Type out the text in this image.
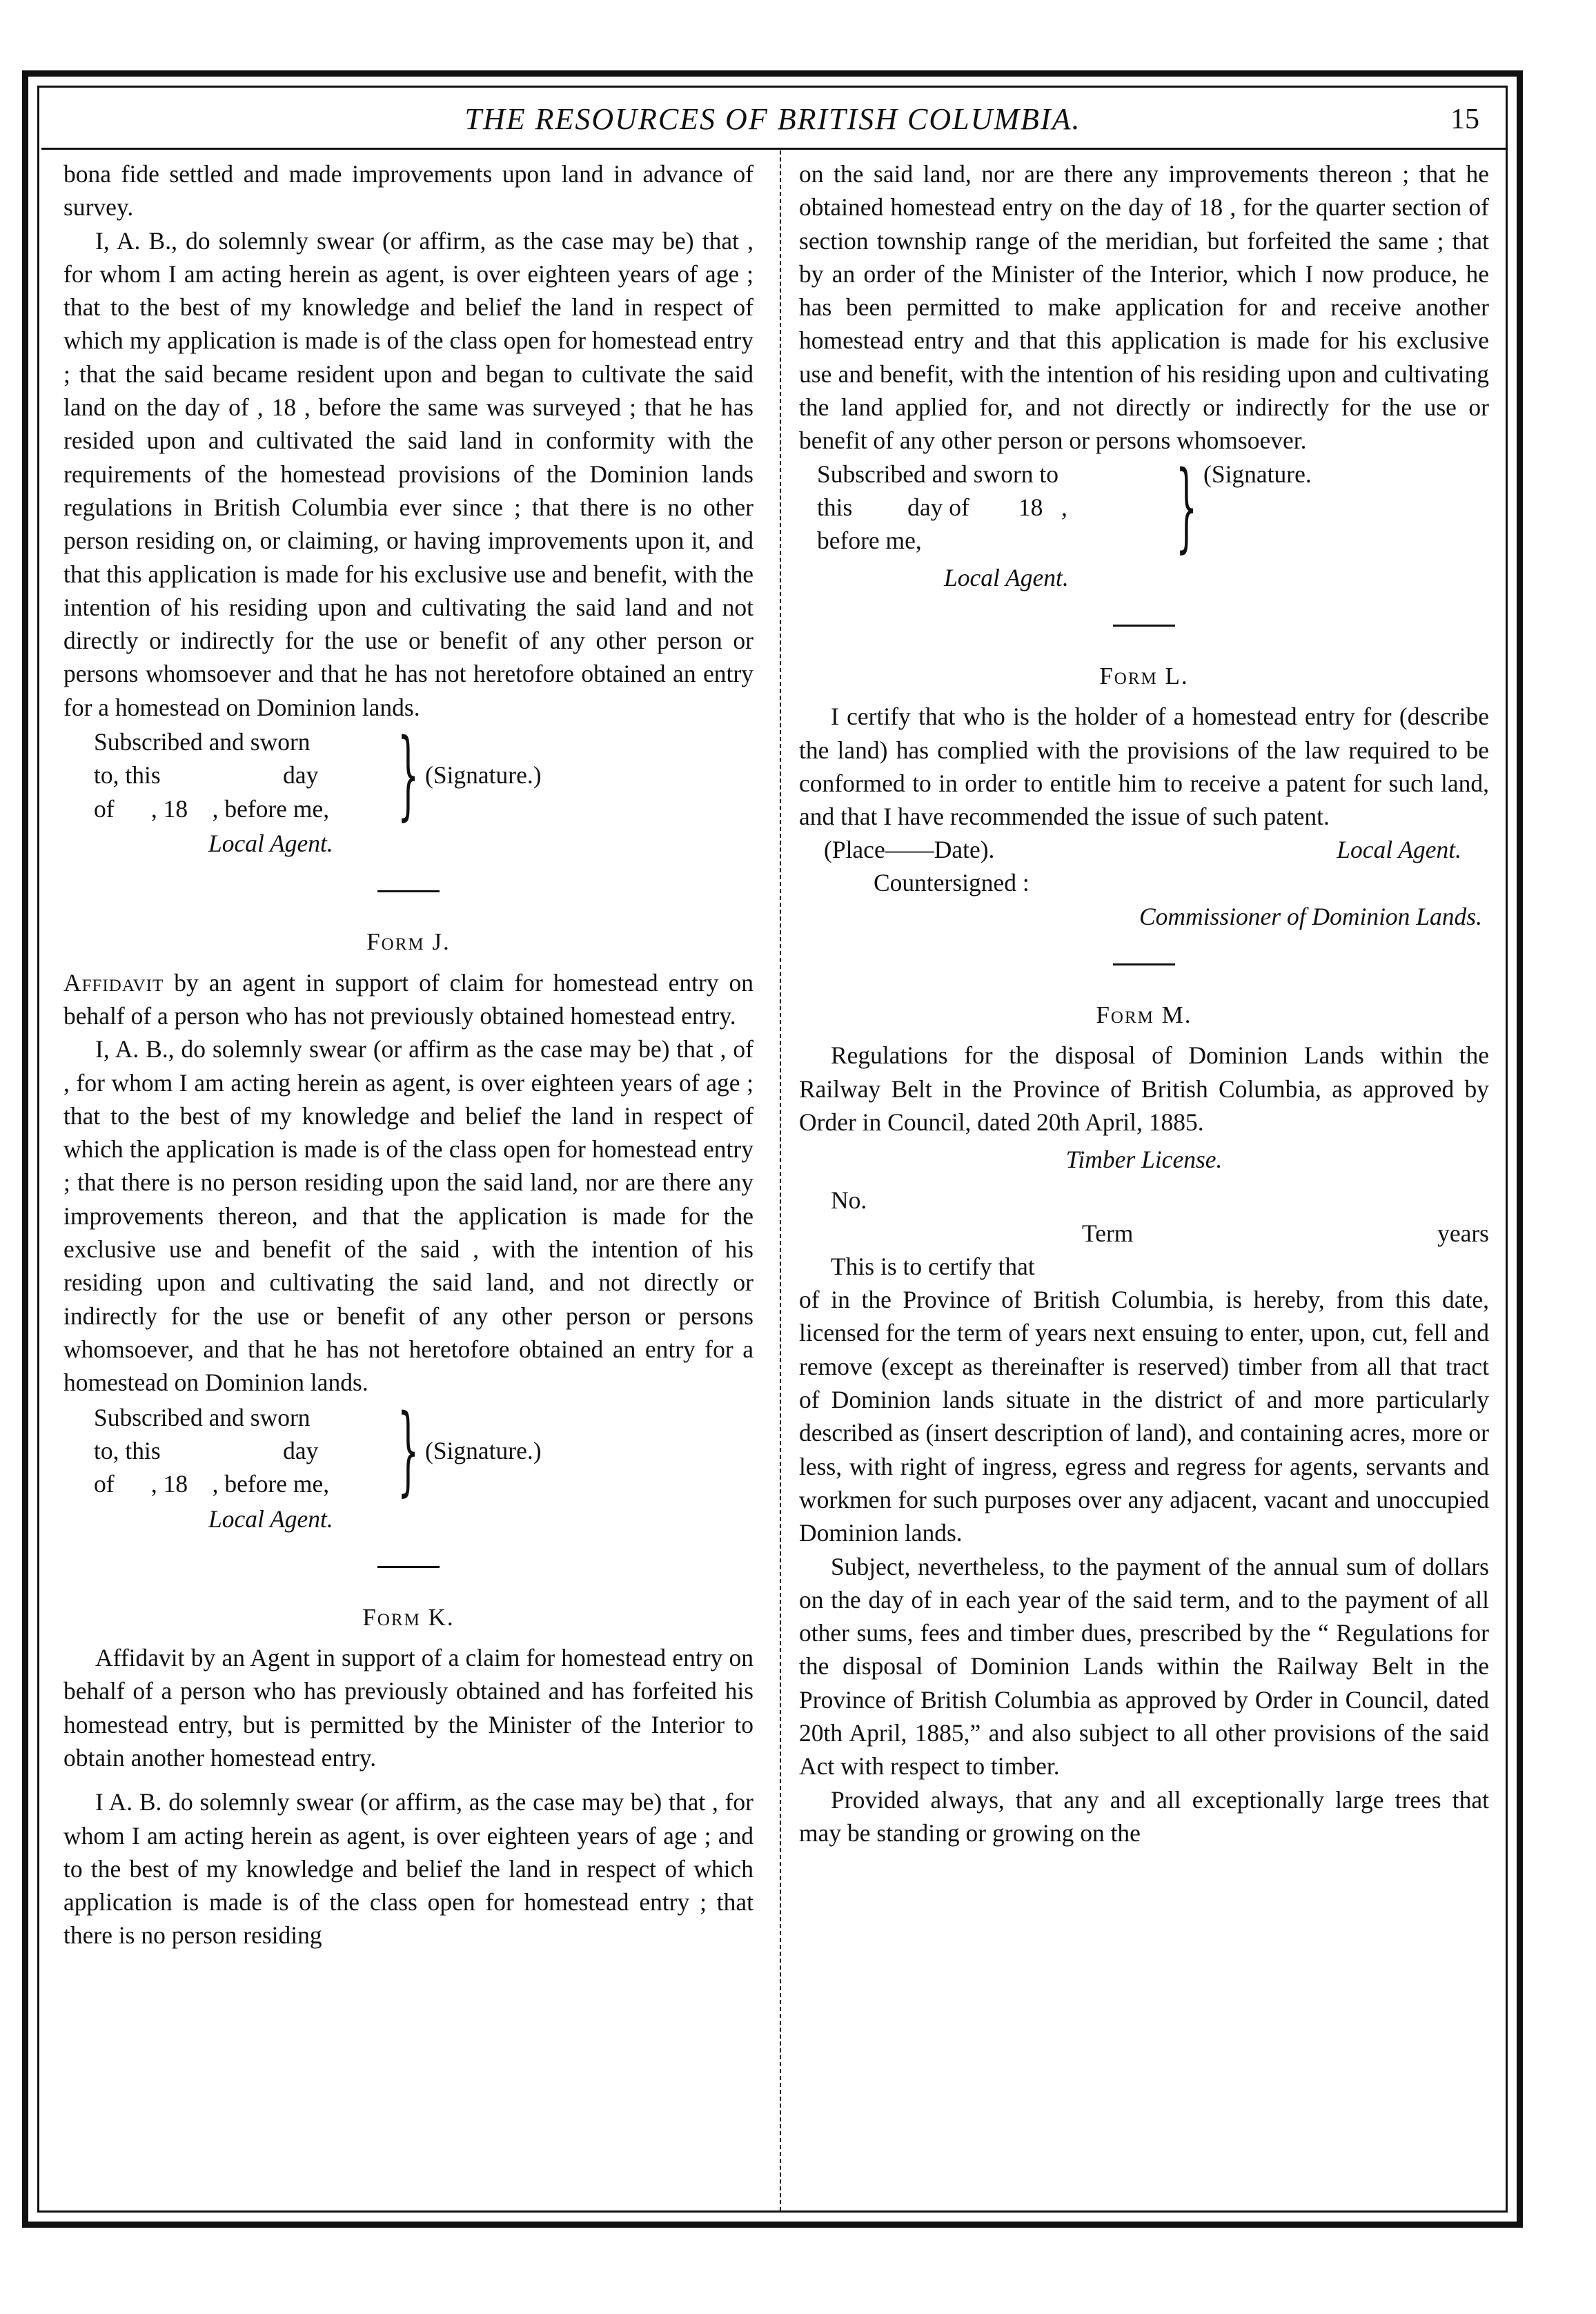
THE RESOURCES OF BRITISH COLUMBIA.	15

bona fide settled and made improvements upon land in advance of survey.

I, A. B., do solemnly swear (or affirm, as the case may be) that , for whom I am acting herein as agent, is over eighteen years of age ; that to the best of my knowledge and belief the land in respect of which my application is made is of the class open for homestead entry ; that the said became resident upon and began to cultivate the said land on the day of , 18 , before the same was surveyed ; that he has resided upon and cultivated the said land in conformity with the requirements of the homestead provisions of the Dominion lands regulations in British Columbia ever since ; that there is no other person residing on, or claiming, or having improvements upon it, and that this application is made for his exclusive use and benefit, with the intention of his residing upon and cultivating the said land and not directly or indirectly for the use or benefit of any other person or persons whomsoever and that he has not heretofore obtained an entry for a homestead on Dominion lands.

Subscribed and sworn
to, this                    day
of      , 18    , before me, } (Signature.)
Local Agent.
Form J.

Affidavit by an agent in support of claim for homestead entry on behalf of a person who has not previously obtained homestead entry.

I, A. B., do solemnly swear (or affirm as the case may be) that , of , for whom I am acting herein as agent, is over eighteen years of age ; that to the best of my knowledge and belief the land in respect of which the application is made is of the class open for homestead entry ; that there is no person residing upon the said land, nor are there any improvements thereon, and that the application is made for the exclusive use and benefit of the said , with the intention of his residing upon and cultivating the said land, and not directly or indirectly for the use or benefit of any other person or persons whomsoever, and that he has not heretofore obtained an entry for a homestead on Dominion lands.

Subscribed and sworn
to, this                    day
of      , 18    , before me, } (Signature.)
Local Agent.
Form K.

Affidavit by an Agent in support of a claim for homestead entry on behalf of a person who has previously obtained and has forfeited his homestead entry, but is permitted by the Minister of the Interior to obtain another homestead entry.

I A. B. do solemnly swear (or affirm, as the case may be) that , for whom I am acting herein as agent, is over eighteen years of age ; and to the best of my knowledge and belief the land in respect of which application is made is of the class open for homestead entry ; that there is no person residing

on the said land, nor are there any improvements thereon ; that he obtained homestead entry on the day of 18 , for the quarter section of section township range of the meridian, but forfeited the same ; that by an order of the Minister of the Interior, which I now produce, he has been permitted to make application for and receive another homestead entry and that this application is made for his exclusive use and benefit, with the intention of his residing upon and cultivating the land applied for, and not directly or indirectly for the use or benefit of any other person or persons whomsoever.

Subscribed and sworn to
this         day of        18   ,
before me,	} (Signature.
Local Agent.
Form L.

I certify that who is the holder of a homestead entry for (describe the land) has complied with the provisions of the law required to be conformed to in order to entitle him to receive a patent for such land, and that I have recommended the issue of such patent.

(Place——Date).	Local Agent.
Countersigned :
Commissioner of Dominion Lands.
Form M.

Regulations for the disposal of Dominion Lands within the Railway Belt in the Province of British Columbia, as approved by Order in Council, dated 20th April, 1885.

Timber License.
No.
Term	years
This is to certify that

of in the Province of British Columbia, is hereby, from this date, licensed for the term of years next ensuing to enter, upon, cut, fell and remove (except as thereinafter is reserved) timber from all that tract of Dominion lands situate in the district of and more particularly described as (insert description of land), and containing acres, more or less, with right of ingress, egress and regress for agents, servants and workmen for such purposes over any adjacent, vacant and unoccupied Dominion lands.

Subject, nevertheless, to the payment of the annual sum of dollars on the day of in each year of the said term, and to the payment of all other sums, fees and timber dues, prescribed by the “ Regulations for the disposal of Dominion Lands within the Railway Belt in the Province of British Columbia as approved by Order in Council, dated 20th April, 1885,” and also subject to all other provisions of the said Act with respect to timber.

Provided always, that any and all exceptionally large trees that may be standing or growing on the
